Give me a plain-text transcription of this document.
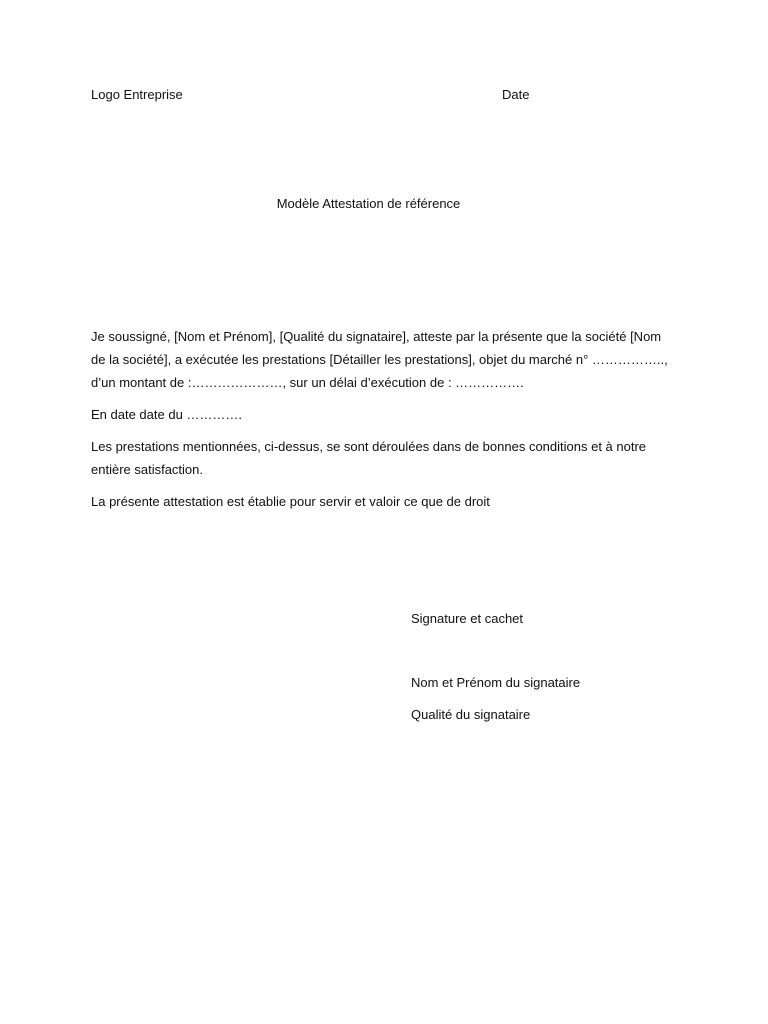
Logo Entreprise	Date
Modèle Attestation de référence

Je soussigné, [Nom et Prénom], [Qualité du signataire], atteste par la présente que la société [Nom
de la société], a exécutée les prestations [Détailler les prestations], objet du marché n° ……………..,
d’un montant de :…………………, sur un délai d’exécution de : …………….

En date date du ………….

Les prestations mentionnées, ci-dessus, se sont déroulées dans de bonnes conditions et à notre
entière satisfaction.

La présente attestation est établie pour servir et valoir ce que de droit

Signature et cachet
Nom et Prénom du signataire
Qualité du signataire
